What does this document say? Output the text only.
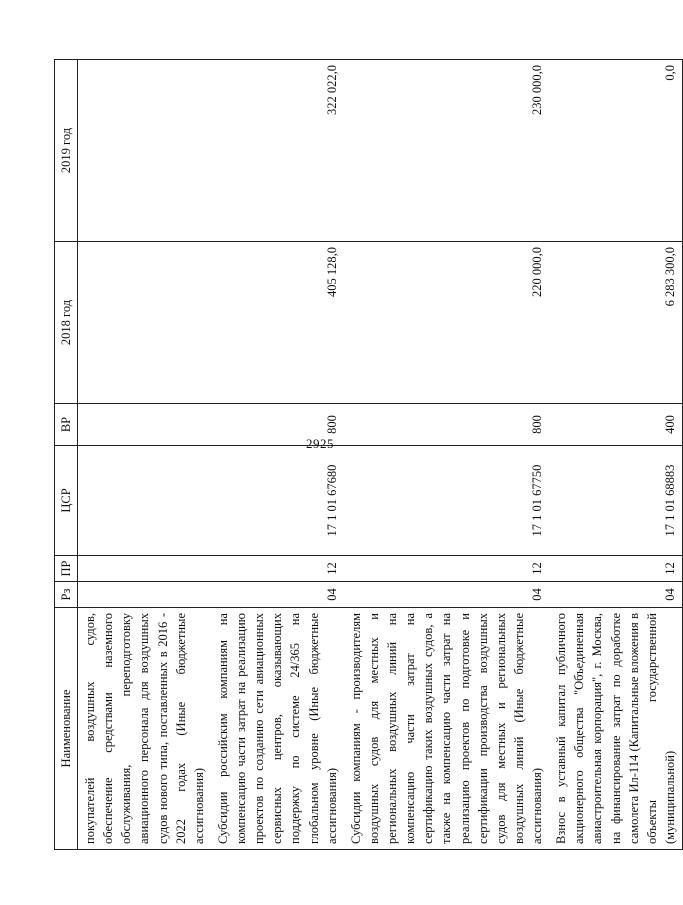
2925
Наименование	Рз	ПР	ЦСР	ВР	2018 год	2019 год
покупателей воздушных судов, обеспечение средствами наземного обслуживания, переподготовку авиационного персонала для воздушных судов нового типа, поставленных в 2016 - 2022 годах (Иные бюджетные ассигнования)						
Субсидии российским компаниям на компенсацию части затрат на реализацию проектов по созданию сети авиационных сервисных центров, оказывающих поддержку по системе 24/365 на глобальном уровне (Иные бюджетные ассигнования)	04	12	17 1 01 67680	800	405 128,0	322 022,0
Субсидии компаниям - производителям воздушных судов для местных и региональных воздушных линий на компенсацию части затрат на сертификацию таких воздушных судов, а также на компенсацию части затрат на реализацию проектов по подготовке и сертификации производства воздушных судов для местных и региональных воздушных линий (Иные бюджетные ассигнования)	04	12	17 1 01 67750	800	220 000,0	230 000,0
Взнос в уставный капитал публичного акционерного общества "Объединенная авиастроительная корпорация", г. Москва, на финансирование затрат по доработке самолета Ил-114 (Капитальные вложения в объекты государственной (муниципальной)	04	12	17 1 01 68883	400	6 283 300,0	0,0
